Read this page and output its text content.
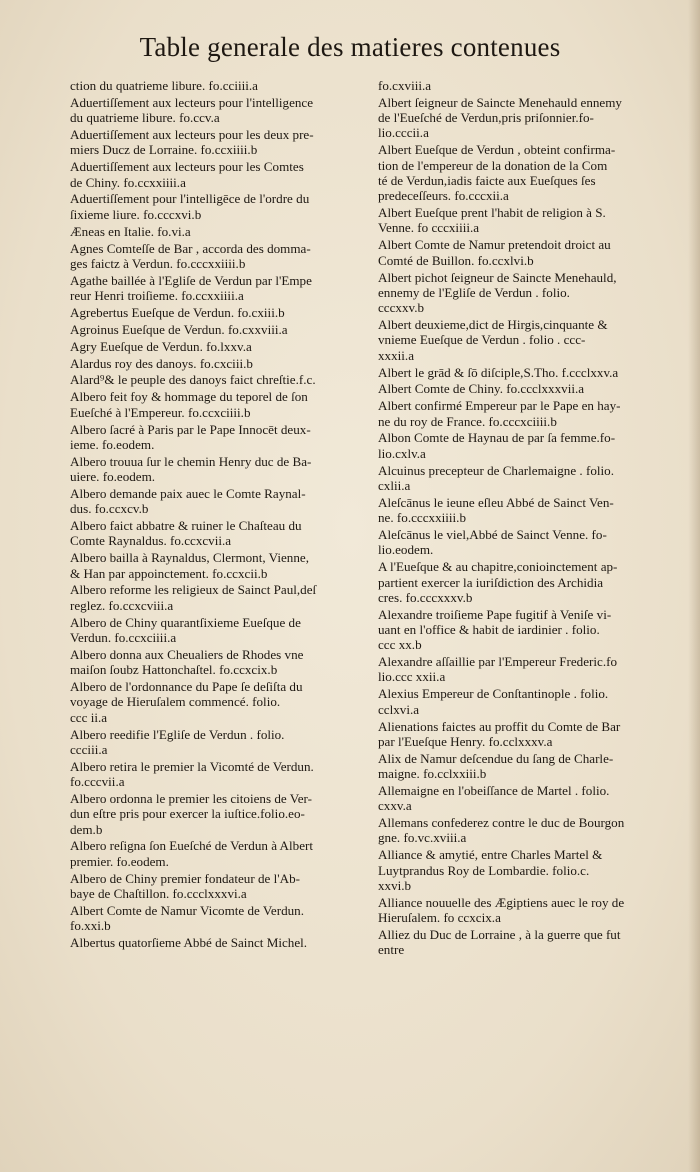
Table generale des matieres contenues
ction du quatrieme libure. fo.cciiii.a
Aduertiſſement aux lecteurs pour l'intelligence
du quatrieme libure. fo.ccv.a
Aduertiſſement aux lecteurs pour les deux pre-
miers Ducz de Lorraine. fo.ccxiiii.b
Aduertiſſement aux lecteurs pour les Comtes
de Chiny. fo.ccxxiiii.a
Aduertiſſement pour l'intelligēce de l'ordre du
ſixieme liure. fo.cccxvi.b
Æneas en Italie. fo.vi.a
Agnes Comteſſe de Bar , accorda des domma-
ges faictz à Verdun. fo.cccxxiiii.b
Agathe baillée à l'Egliſe de Verdun par l'Empe
reur Henri troiſieme. fo.ccxxiiii.a
Agrebertus Eueſque de Verdun. fo.cxiii.b
Agroinus Eueſque de Verdun. fo.cxxviii.a
Agry Eueſque de Verdun. fo.lxxv.a
Alardus roy des danoys. fo.cxciii.b
Alard⁹& le peuple des danoys faict chreſtie.f.c.
Albero feit foy & hommage du teporel de ſon
Eueſché à l'Empereur. fo.ccxciiii.b
Albero ſacré à Paris par le Pape Innocēt deux-
ieme. fo.eodem.
Albero trouua ſur le chemin Henry duc de Ba-
uiere. fo.eodem.
Albero demande paix auec le Comte Raynal-
dus. fo.ccxcv.b
Albero faict abbatre & ruiner le Chaſteau du
Comte Raynaldus. fo.ccxcvii.a
Albero bailla à Raynaldus, Clermont, Vienne,
& Han par appoinctement. fo.ccxcii.b
Albero reforme les religieux de Sainct Paul,deſ
reglez. fo.ccxcviii.a
Albero de Chiny quarantſixieme Eueſque de
Verdun. fo.ccxciiii.a
Albero donna aux Cheualiers de Rhodes vne
maiſon ſoubz Hattonchaſtel. fo.ccxcix.b
Albero de l'ordonnance du Pape ſe deſiſta du
voyage de Hieruſalem commencé. folio.
ccc ii.a
Albero reedifie l'Egliſe de Verdun . folio.
ccciii.a
Albero retira le premier la Vicomté de Verdun.
fo.cccvii.a
Albero ordonna le premier les citoiens de Ver-
dun eſtre pris pour exercer la iuſtice.folio.eo-
dem.b
Albero reſigna ſon Eueſché de Verdun à Albert
premier. fo.eodem.
Albero de Chiny premier fondateur de l'Ab-
baye de Chaſtillon. fo.ccclxxxvi.a
Albert Comte de Namur Vicomte de Verdun.
fo.xxi.b
Albertus quatorſieme Abbé de Sainct Michel.
fo.cxviii.a
Albert ſeigneur de Saincte Menehauld ennemy
de l'Eueſché de Verdun,pris priſonnier.fo-
lio.cccii.a
Albert Eueſque de Verdun , obteint confirma-
tion de l'empereur de la donation de la Com
té de Verdun,iadis faicte aux Eueſques ſes
predeceſſeurs. fo.cccxii.a
Albert Eueſque prent l'habit de religion à S.
Venne. fo cccxiiii.a
Albert Comte de Namur pretendoit droict au
Comté de Buillon. fo.ccxlvi.b
Albert pichot ſeigneur de Saincte Menehauld,
ennemy de l'Egliſe de Verdun . folio.
cccxxv.b
Albert deuxieme,dict de Hirgis,cinquante &
vnieme Eueſque de Verdun . folio . ccc-
xxxii.a
Albert le grād & ſō diſciple,S.Tho. f.ccclxxv.a
Albert Comte de Chiny. fo.ccclxxxvii.a
Albert confirmé Empereur par le Pape en hay-
ne du roy de France. fo.cccxciiii.b
Albon Comte de Haynau de par ſa femme.fo-
lio.cxlv.a
Alcuinus precepteur de Charlemaigne . folio.
cxlii.a
Aleſcānus le ieune eſleu Abbé de Sainct Ven-
ne. fo.cccxxiiii.b
Aleſcānus le viel,Abbé de Sainct Venne. fo-
lio.eodem.
A l'Eueſque & au chapitre,conioinctement ap-
partient exercer la iuriſdiction des Archidia
cres. fo.cccxxxv.b
Alexandre troiſieme Pape fugitif à Veniſe vi-
uant en l'office & habit de iardinier . folio.
ccc xx.b
Alexandre aſſaillie par l'Empereur Frederic.fo
lio.ccc xxii.a
Alexius Empereur de Conſtantinople . folio.
cclxvi.a
Alienations faictes au proffit du Comte de Bar
par l'Eueſque Henry. fo.cclxxxv.a
Alix de Namur deſcendue du ſang de Charle-
maigne. fo.cclxxiii.b
Allemaigne en l'obeiſſance de Martel . folio.
cxxv.a
Allemans confederez contre le duc de Bourgon
gne. fo.vc.xviii.a
Alliance & amytié, entre Charles Martel &
Luytprandus Roy de Lombardie. folio.c.
xxvi.b
Alliance nouuelle des Ægiptiens auec le roy de
Hieruſalem. fo ccxcix.a
Alliez du Duc de Lorraine , à la guerre que fut
entre
